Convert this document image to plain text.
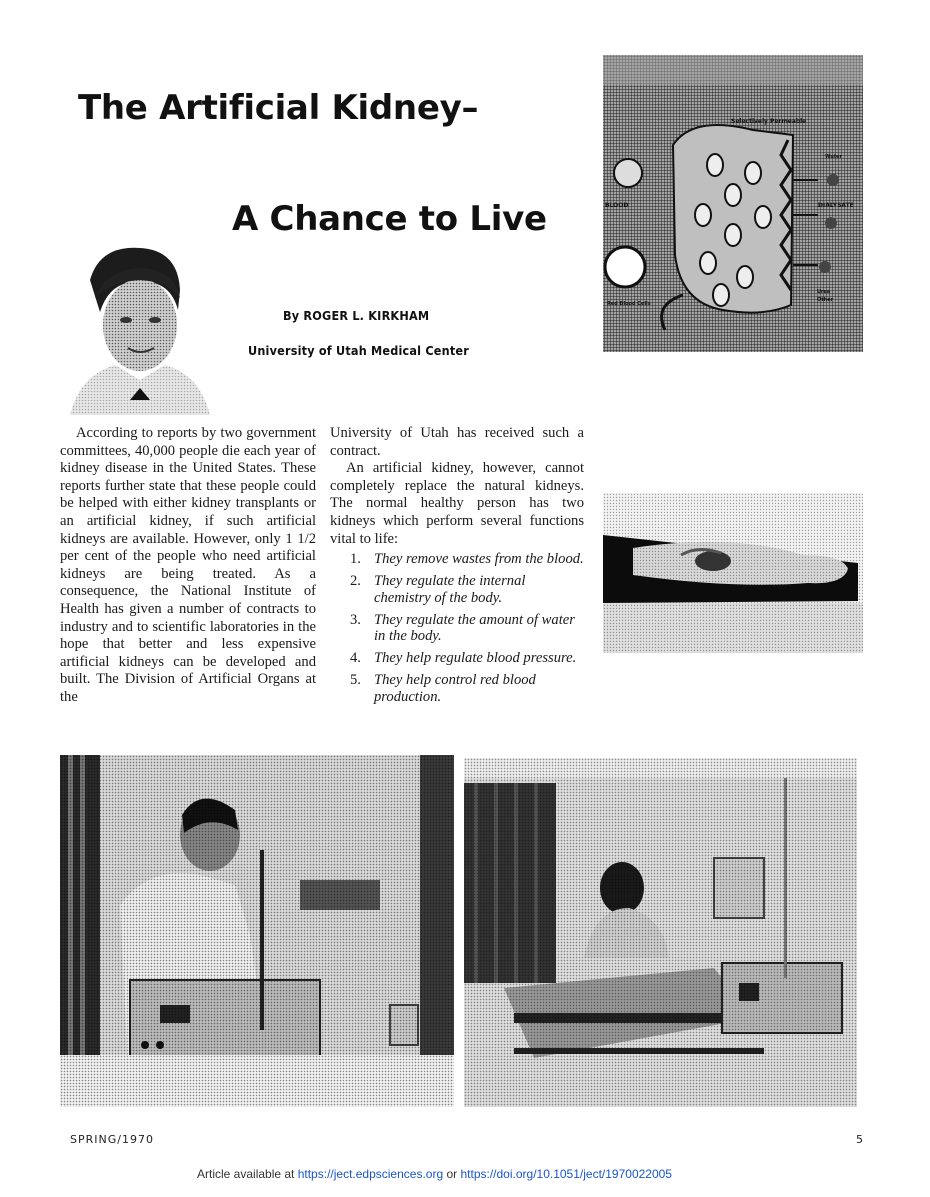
The Artificial Kidney–
A Chance to Live
By ROGER L. KIRKHAM
University of Utah Medical Center
Selectively Permeable
BLOOD	DIALYSATE
Water
Red Blood Cells
Urea
Other

According to reports by two government committees, 40,000 people die each year of kidney disease in the United States. These reports further state that these people could be helped with either kidney transplants or an artificial kidney, if such artificial kidneys are available. However, only 1 1/2 per cent of the people who need artificial kidneys are being treated. As a consequence, the National Institute of Health has given a number of contracts to industry and to scientific laboratories in the hope that better and less expensive artificial kidneys can be developed and built. The Division of Artificial Organs at the

University of Utah has received such a contract.

An artificial kidney, however, cannot completely replace the natural kidneys. The normal healthy person has two kidneys which perform several functions vital to life:

1. They remove wastes from the blood.
2. They regulate the internal chemistry of the body.
3. They regulate the amount of water in the body.
4. They help regulate blood pressure.
5. They help control red blood production.
SPRING/1970	5
Article available at https://ject.edpsciences.org or https://doi.org/10.1051/ject/1970022005
